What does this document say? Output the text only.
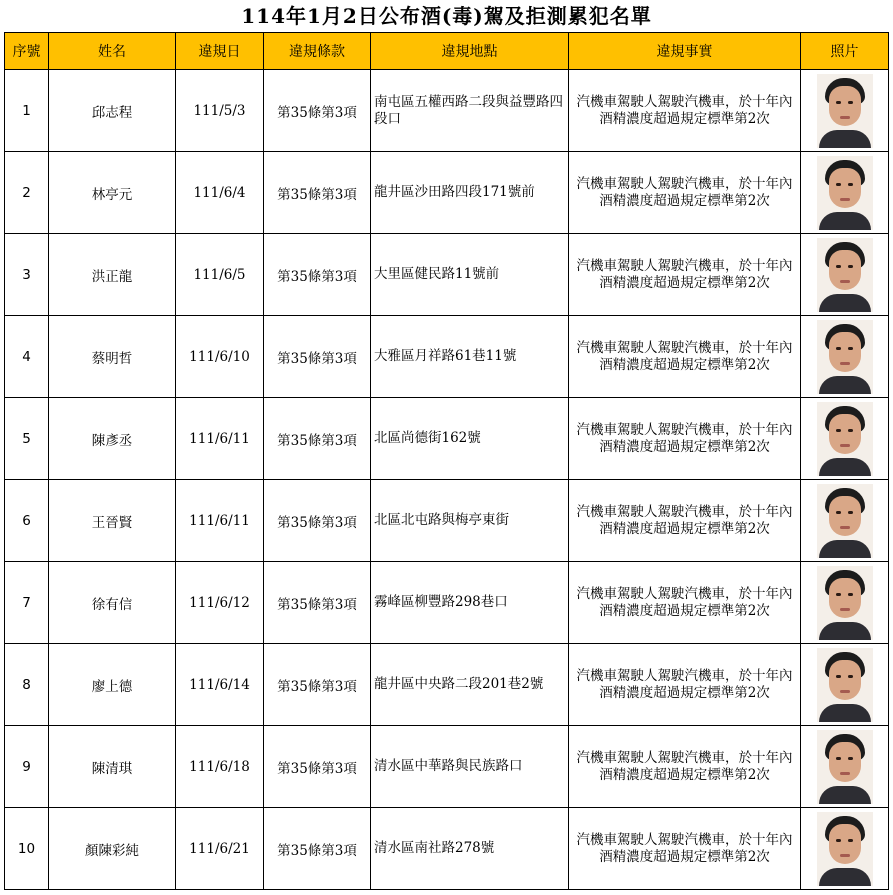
114年1月2日公布酒(毒)駕及拒測累犯名單
序號	姓名	違規日	違規條款	違規地點	違規事實	照片
1	邱志程	111/5/3	第35條第3項	南屯區五權西路二段與益豐路四段口	汽機車駕駛人駕駛汽機車，於十年內
酒精濃度超過規定標準第2次	

2	林亭元	111/6/4	第35條第3項	龍井區沙田路四段171號前	汽機車駕駛人駕駛汽機車，於十年內
酒精濃度超過規定標準第2次	

3	洪正龍	111/6/5	第35條第3項	大里區健民路11號前	汽機車駕駛人駕駛汽機車，於十年內
酒精濃度超過規定標準第2次	

4	蔡明哲	111/6/10	第35條第3項	大雅區月祥路61巷11號	汽機車駕駛人駕駛汽機車，於十年內
酒精濃度超過規定標準第2次	

5	陳彥丞	111/6/11	第35條第3項	北區尚德街162號	汽機車駕駛人駕駛汽機車，於十年內
酒精濃度超過規定標準第2次	

6	王晉賢	111/6/11	第35條第3項	北區北屯路與梅亭東街	汽機車駕駛人駕駛汽機車，於十年內
酒精濃度超過規定標準第2次	

7	徐有信	111/6/12	第35條第3項	霧峰區柳豐路298巷口	汽機車駕駛人駕駛汽機車，於十年內
酒精濃度超過規定標準第2次	

8	廖上德	111/6/14	第35條第3項	龍井區中央路二段201巷2號	汽機車駕駛人駕駛汽機車，於十年內
酒精濃度超過規定標準第2次	

9	陳清琪	111/6/18	第35條第3項	清水區中華路與民族路口	汽機車駕駛人駕駛汽機車，於十年內
酒精濃度超過規定標準第2次	

10	顏陳彩純	111/6/21	第35條第3項	清水區南社路278號	汽機車駕駛人駕駛汽機車，於十年內
酒精濃度超過規定標準第2次	
